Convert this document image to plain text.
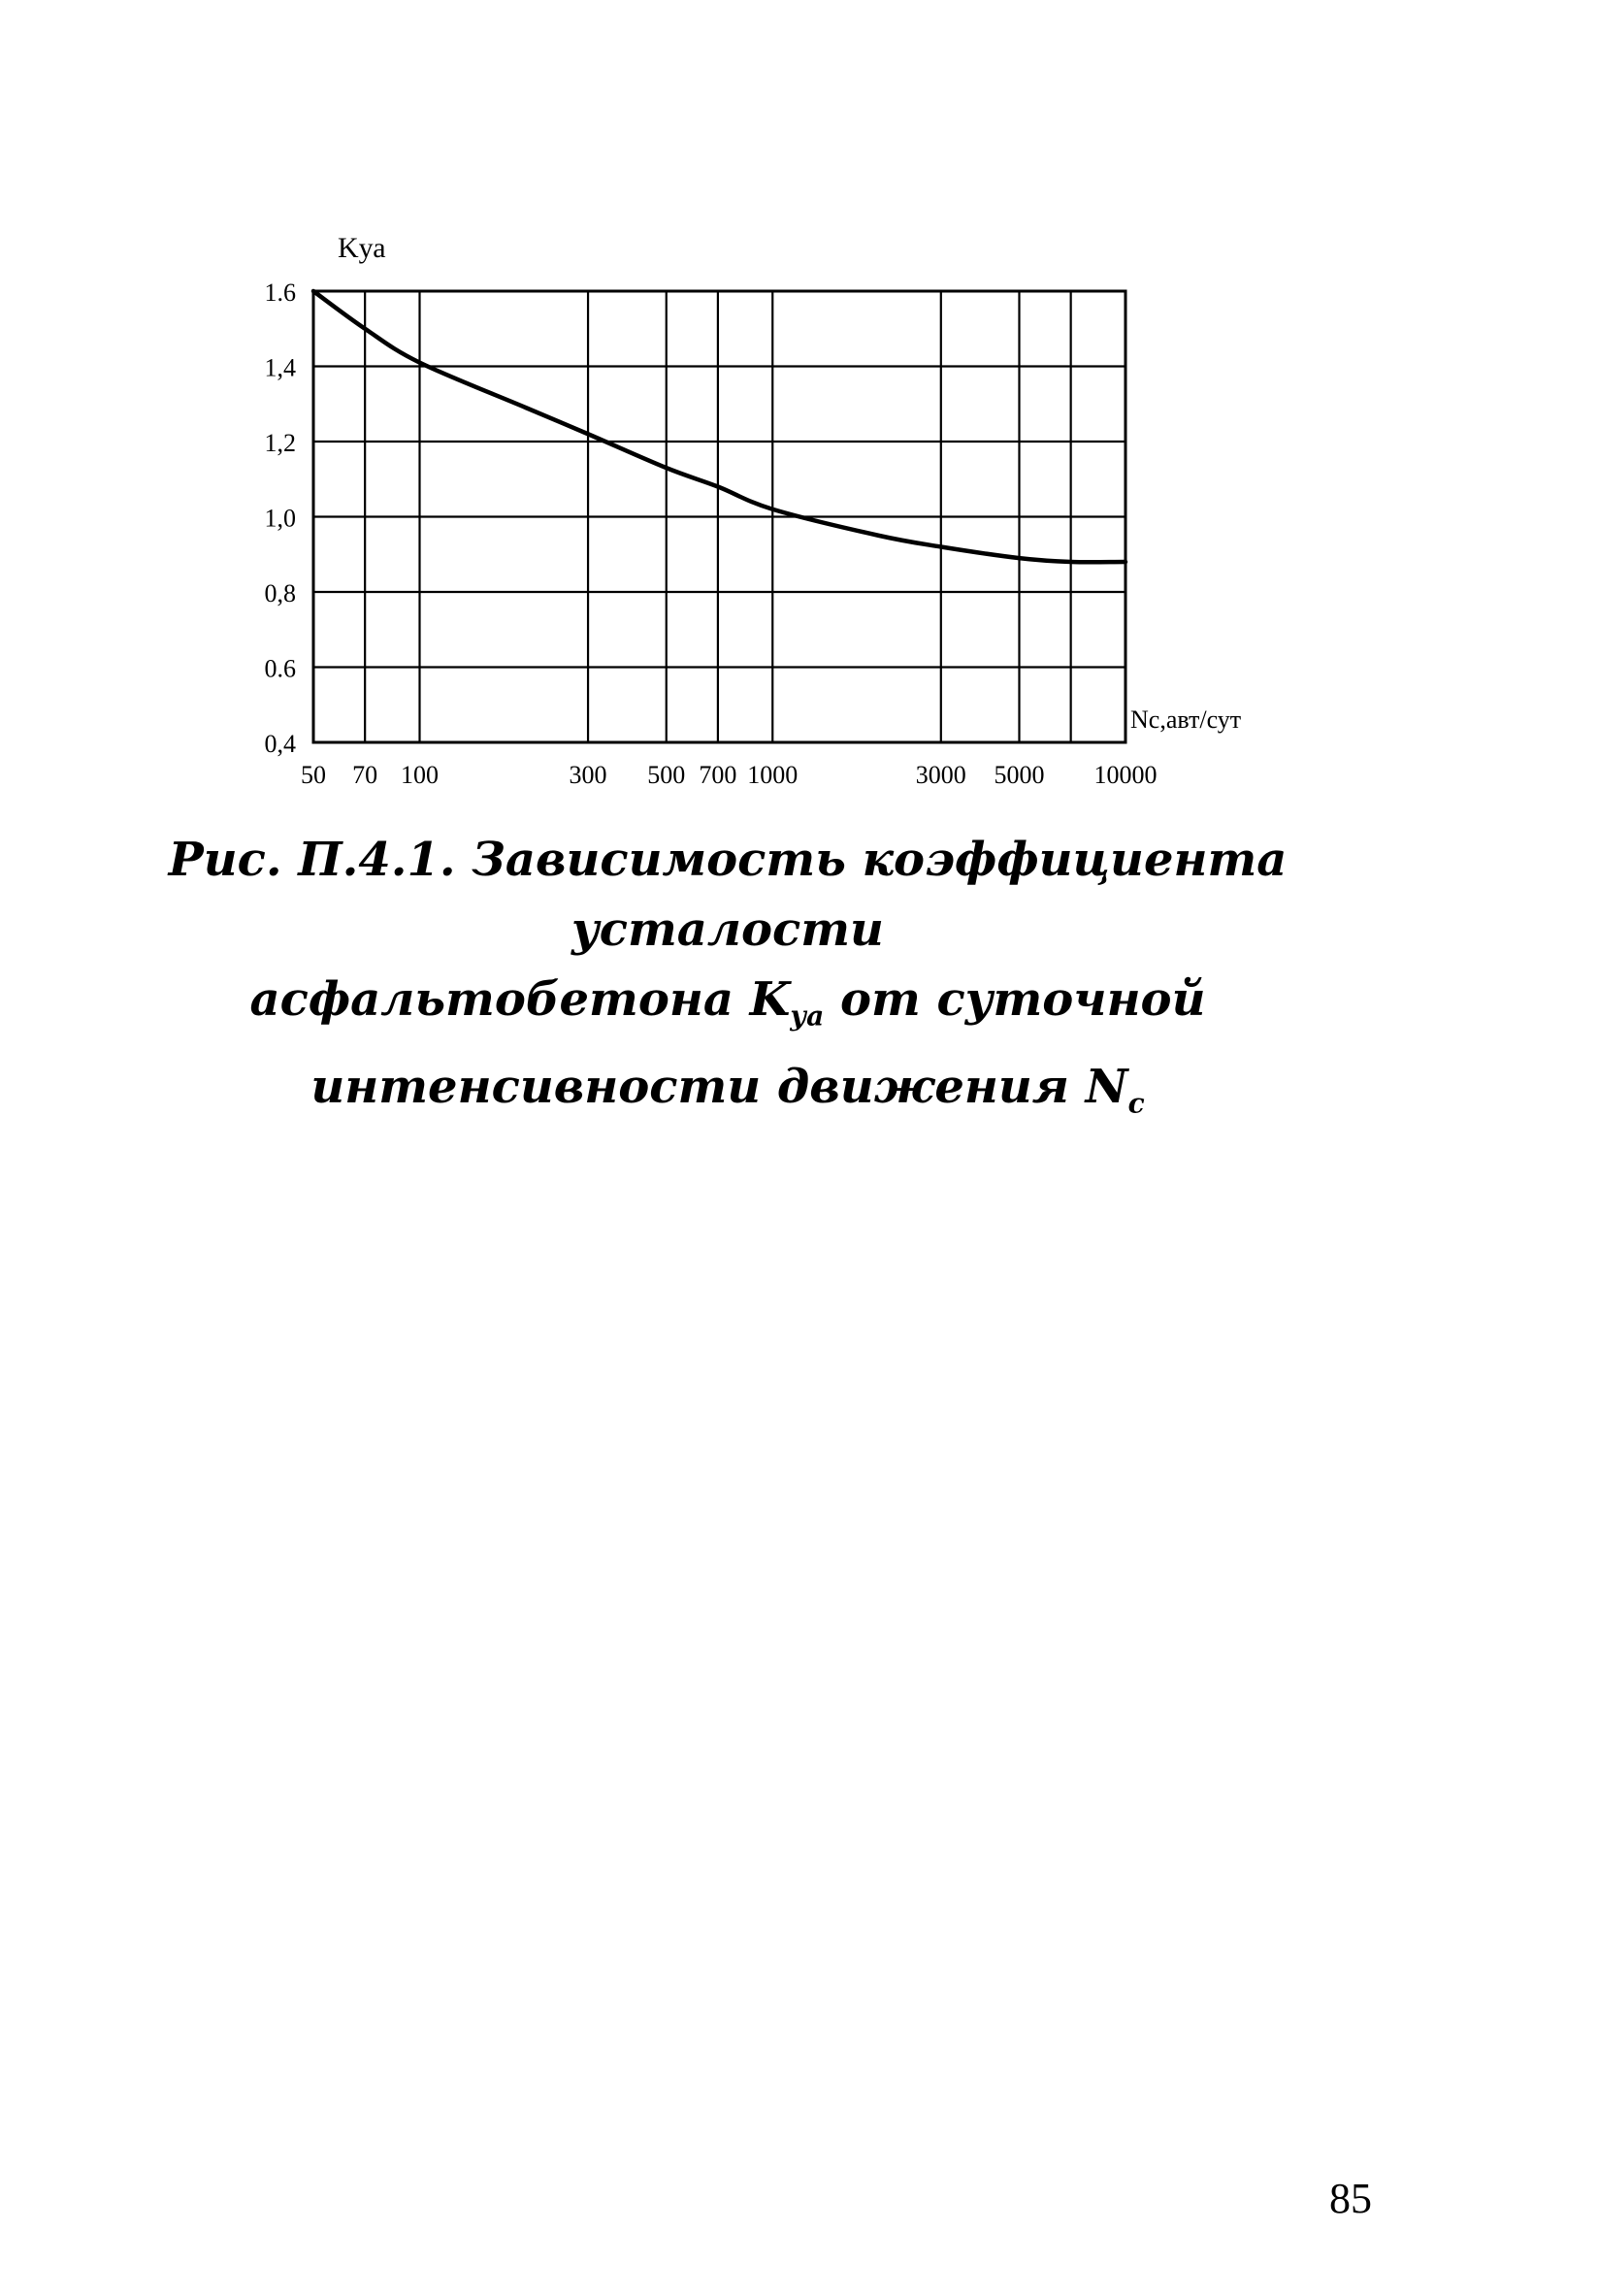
0,4
0.6
0,8
1,0
1,2
1,4
1.6
50 70 100	300 500 700 1000	3000 5000 10000
Kуа
Nc,авт/сут
Рис. П.4.1. Зависимость коэффициента усталости
асфальтобетона $K_{уа}$ от суточной интенсивности движения $N_c$
85
